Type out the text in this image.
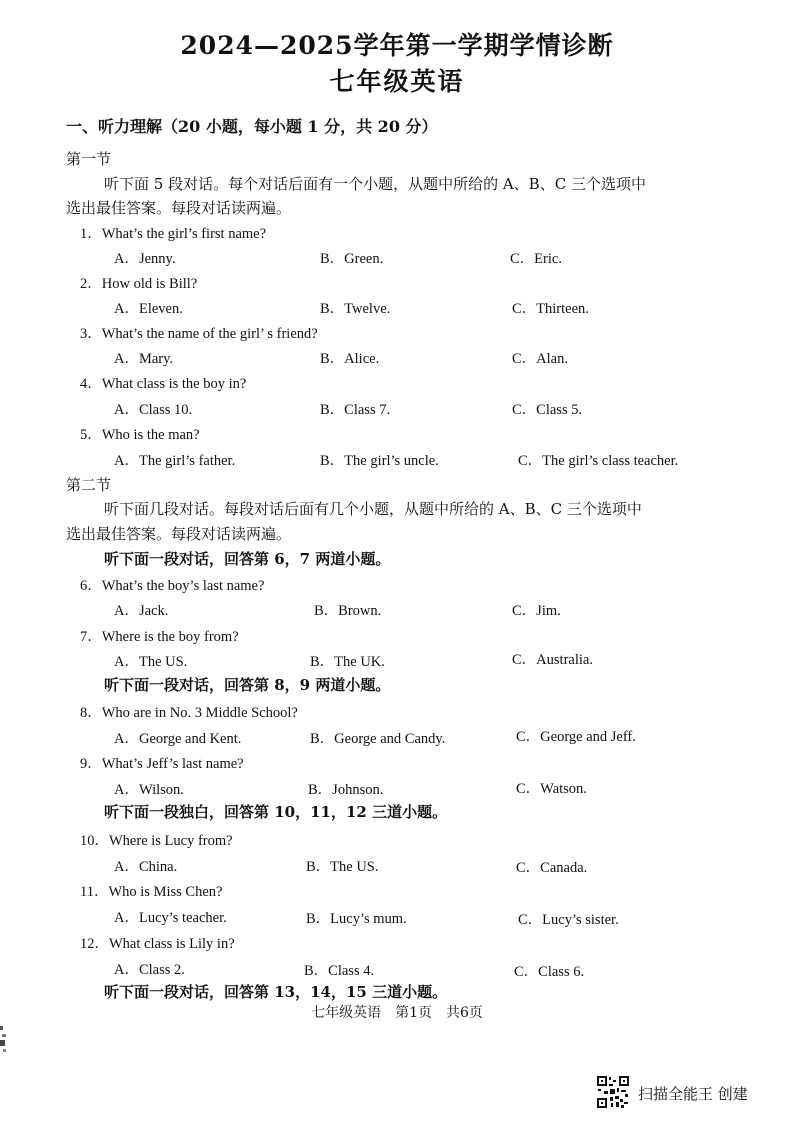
2024—2025学年第一学期学情诊断
七年级英语
一、听力理解（20 小题，每小题 1 分，共 20 分）
第一节
听下面 5 段对话。每个对话后面有一个小题，从题中所给的 A、B、C 三个选项中
选出最佳答案。每段对话读两遍。
1．What’s the girl’s first name?
A．Jenny.	B．Green.	C．Eric.
2．How old is Bill?
A．Eleven.	B．Twelve.	C．Thirteen.
3．What’s the name of the girl’ s friend?
A．Mary.	B．Alice.	C．Alan.
4．What class is the boy in?
A．Class 10.	B．Class 7.	C．Class 5.
5．Who is the man?
A．The girl’s father.	B．The girl’s uncle.	C．The girl’s class teacher.
第二节
听下面几段对话。每段对话后面有几个小题，从题中所给的 A、B、C 三个选项中
选出最佳答案。每段对话读两遍。
听下面一段对话，回答第 6，7 两道小题。
6．What’s the boy’s last name?
A．Jack.	B．Brown.	C．Jim.
7．Where is the boy from?
A．The US.	B．The UK.	C．Australia.
听下面一段对话，回答第 8，9 两道小题。
8．Who are in No. 3 Middle School?
A．George and Kent.	B．George and Candy.	C．George and Jeff.
9．What’s Jeff’s last name?
A．Wilson.	B．Johnson.	C．Watson.
听下面一段独白，回答第 10，11，12 三道小题。
10．Where is Lucy from?
A．China.	B．The US.	C．Canada.
11．Who is Miss Chen?
A．Lucy’s teacher.	B．Lucy’s mum.	C．Lucy’s sister.
12．What class is Lily in?
A．Class 2.	B．Class 4.	C．Class 6.
听下面一段对话，回答第 13，14，15 三道小题。
七年级英语　第1页　共6页
扫描全能王 创建
